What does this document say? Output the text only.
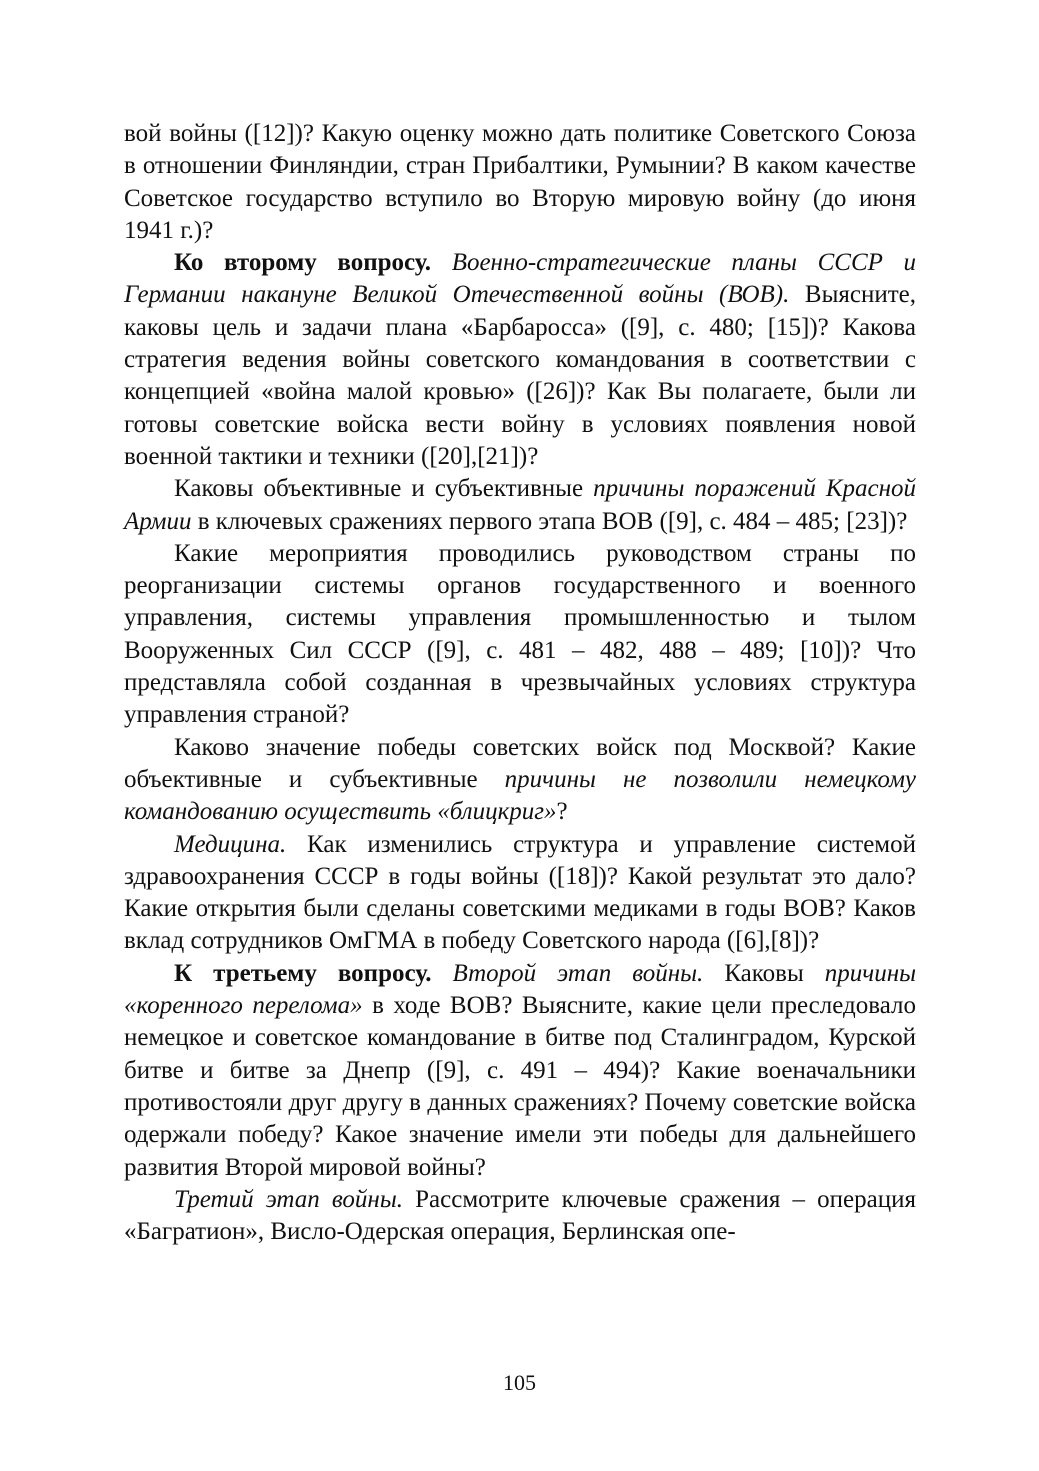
вой войны ([12])? Какую оценку можно дать политике Советского Союза в отношении Финляндии, стран Прибалтики, Румынии? В каком качестве Советское государство вступило во Вторую мировую войну (до июня 1941 г.)?

Ко второму вопросу. Военно-стратегические планы СССР и Германии накануне Великой Отечественной войны (ВОВ). Выясните, каковы цель и задачи плана «Барбаросса» ([9], с. 480; [15])? Какова стратегия ведения войны советского командования в соответствии с концепцией «война малой кровью» ([26])? Как Вы полагаете, были ли готовы советские войска вести войну в условиях появления новой военной тактики и техники ([20],[21])?

Каковы объективные и субъективные причины поражений Красной Армии в ключевых сражениях первого этапа ВОВ ([9], с. 484 – 485; [23])?

Какие мероприятия проводились руководством страны по реорганизации системы органов государственного и военного управления, системы управления промышленностью и тылом Вооруженных Сил СССР ([9], с. 481 – 482, 488 – 489; [10])? Что представляла собой созданная в чрезвычайных условиях структура управления страной?

Каково значение победы советских войск под Москвой? Какие объективные и субъективные причины не позволили немецкому командованию осуществить «блицкриг»?

Медицина. Как изменились структура и управление системой здравоохранения СССР в годы войны ([18])? Какой результат это дало? Какие открытия были сделаны советскими медиками в годы ВОВ? Каков вклад сотрудников ОмГМА в победу Советского народа ([6],[8])?

К третьему вопросу. Второй этап войны. Каковы причины «коренного перелома» в ходе ВОВ? Выясните, какие цели преследовало немецкое и советское командование в битве под Сталинградом, Курской битве и битве за Днепр ([9], с. 491 – 494)? Какие военачальники противостояли друг другу в данных сражениях? Почему советские войска одержали победу? Какое значение имели эти победы для дальнейшего развития Второй мировой войны?

Третий этап войны. Рассмотрите ключевые сражения – операция «Багратион», Висло-Одерская операция, Берлинская опе-

105
